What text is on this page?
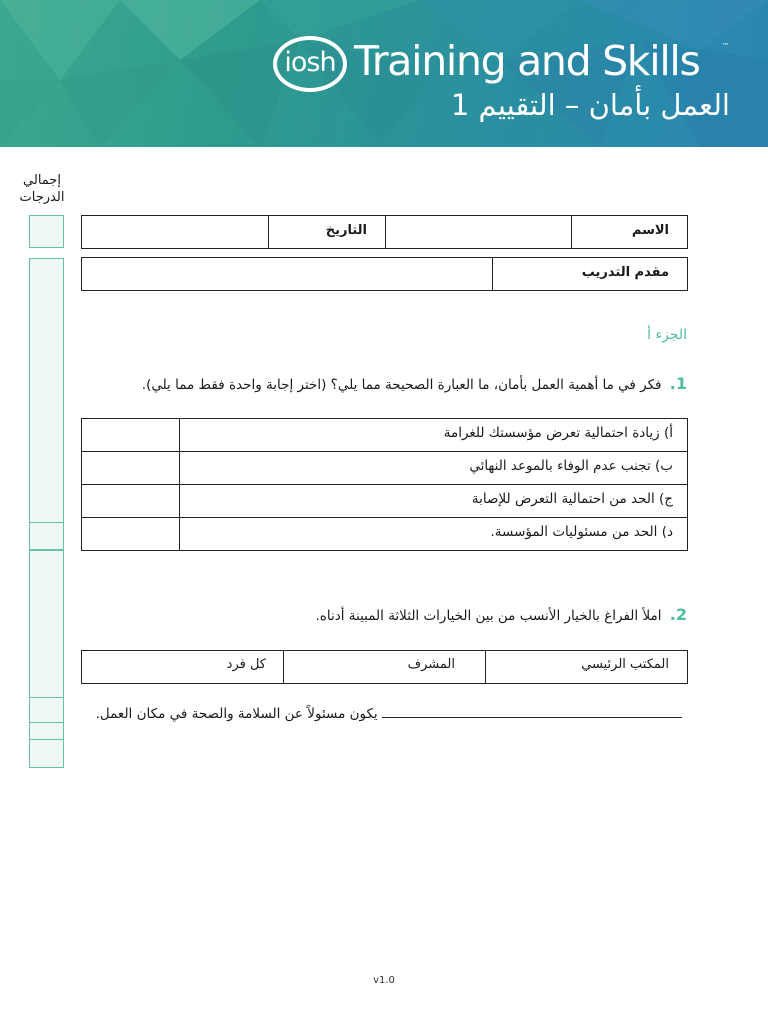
iosh Training and Skills	™
العمل بأمان – التقييم 1
إجمالي
الدرجات
الاسم
التاريخ
مقدم التدريب
الجزء أ
1. فكر في ما أهمية العمل بأمان، ما العبارة الصحيحة مما يلي؟ (اختر إجابة واحدة فقط مما يلي).
أ) زيادة احتمالية تعرض مؤسستك للغرامة
ب) تجنب عدم الوفاء بالموعد النهائي
ج) الحد من احتمالية التعرض للإصابة
د) الحد من مسئوليات المؤسسة.
2. املأ الفراغ بالخيار الأنسب من بين الخيارات الثلاثة المبينة أدناه.
المكتب الرئيسي
المشرف
كل فرد
يكون مسئولاً عن السلامة والصحة في مكان العمل.
v1.0
